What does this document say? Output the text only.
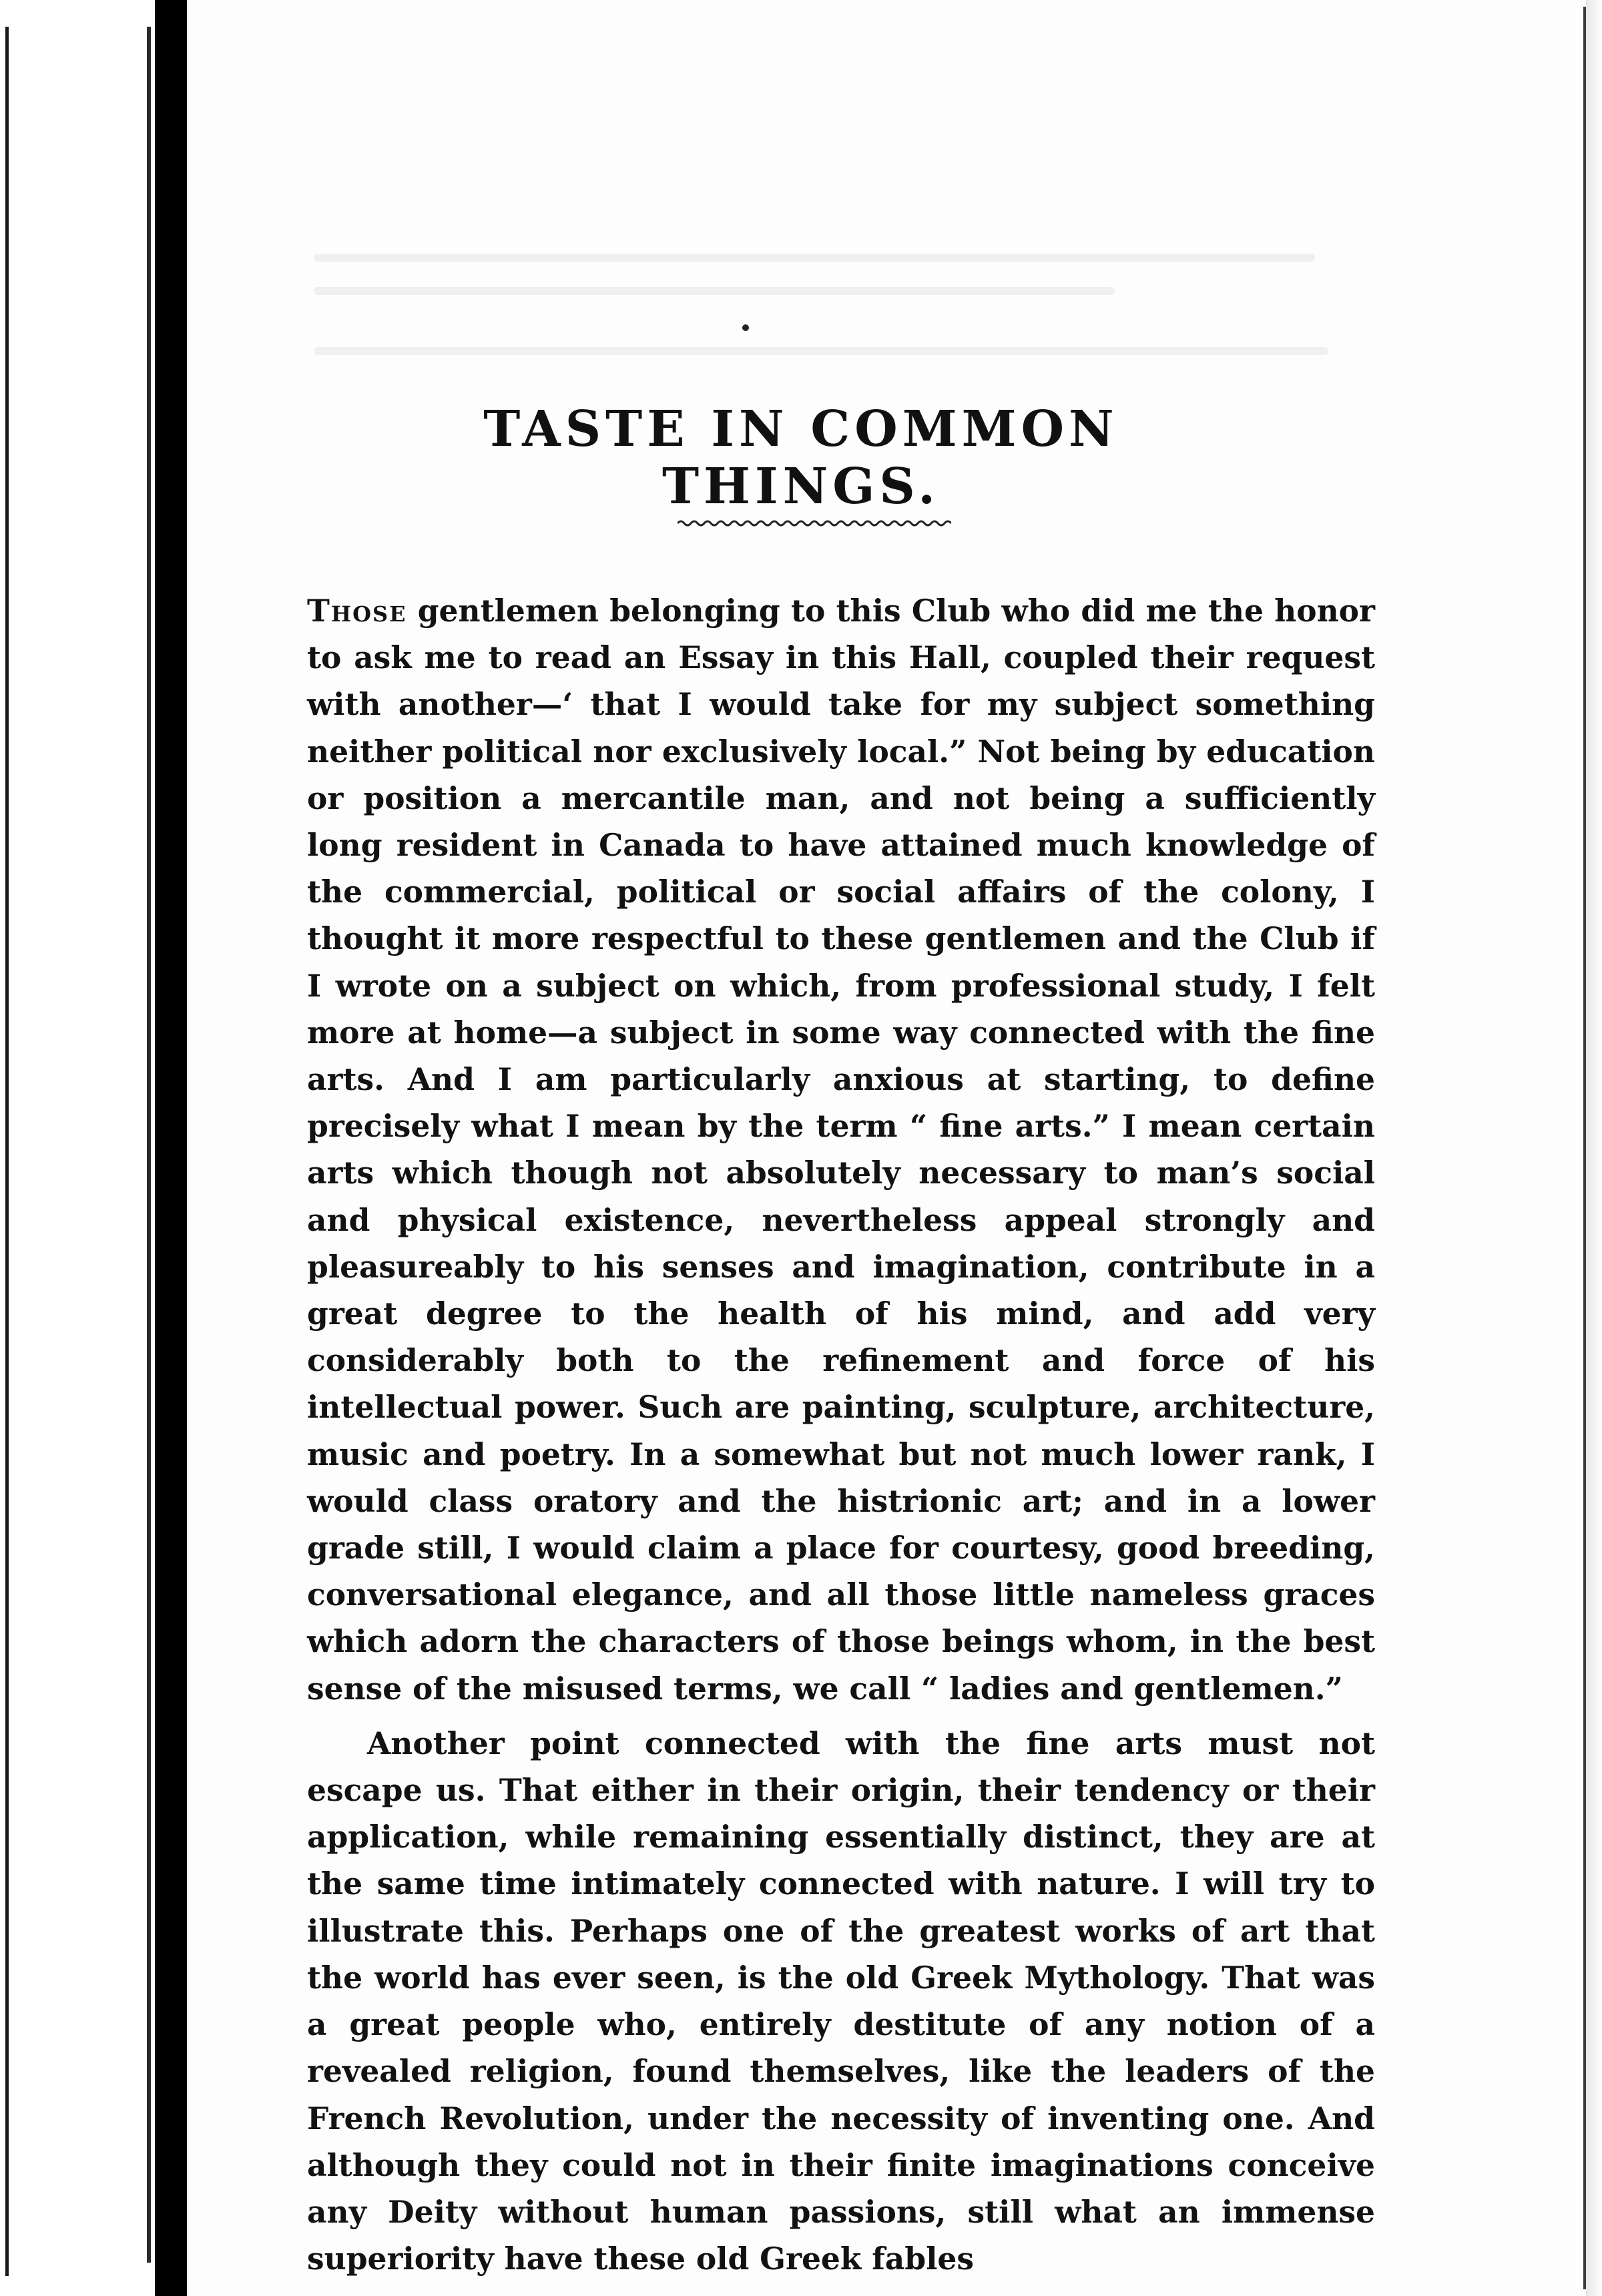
TASTE IN COMMON THINGS.

Those gentlemen belonging to this Club who did me the honor to ask me to read an Essay in this Hall, coupled their request with another—‘ that I would take for my subject something neither political nor exclusively local.” Not being by education or position a mercantile man, and not being a sufficiently long resident in Canada to have attained much knowledge of the commercial, political or social affairs of the colony, I thought it more respectful to these gentlemen and the Club if I wrote on a subject on which, from professional study, I felt more at home—a subject in some way connected with the fine arts. And I am particularly anxious at starting, to define precisely what I mean by the term “ fine arts.” I mean certain arts which though not absolutely necessary to man’s social and physical existence, nevertheless appeal strongly and pleasureably to his senses and imagination, contribute in a great degree to the health of his mind, and add very considerably both to the refinement and force of his intellectual power. Such are painting, sculpture, architecture, music and poetry. In a somewhat but not much lower rank, I would class oratory and the histrionic art; and in a lower grade still, I would claim a place for courtesy, good breeding, conversational elegance, and all those little nameless graces which adorn the characters of those beings whom, in the best sense of the misused terms, we call “ ladies and gentlemen.”

Another point connected with the fine arts must not escape us. That either in their origin, their tendency or their application, while remaining essentially distinct, they are at the same time intimately connected with nature. I will try to illustrate this. Perhaps one of the greatest works of art that the world has ever seen, is the old Greek Mythology. That was a great people who, entirely destitute of any notion of a revealed religion, found themselves, like the leaders of the French Revolution, under the necessity of inventing one. And although they could not in their finite imaginations conceive any Deity without human passions, still what an immense superiority have these old Greek fables
